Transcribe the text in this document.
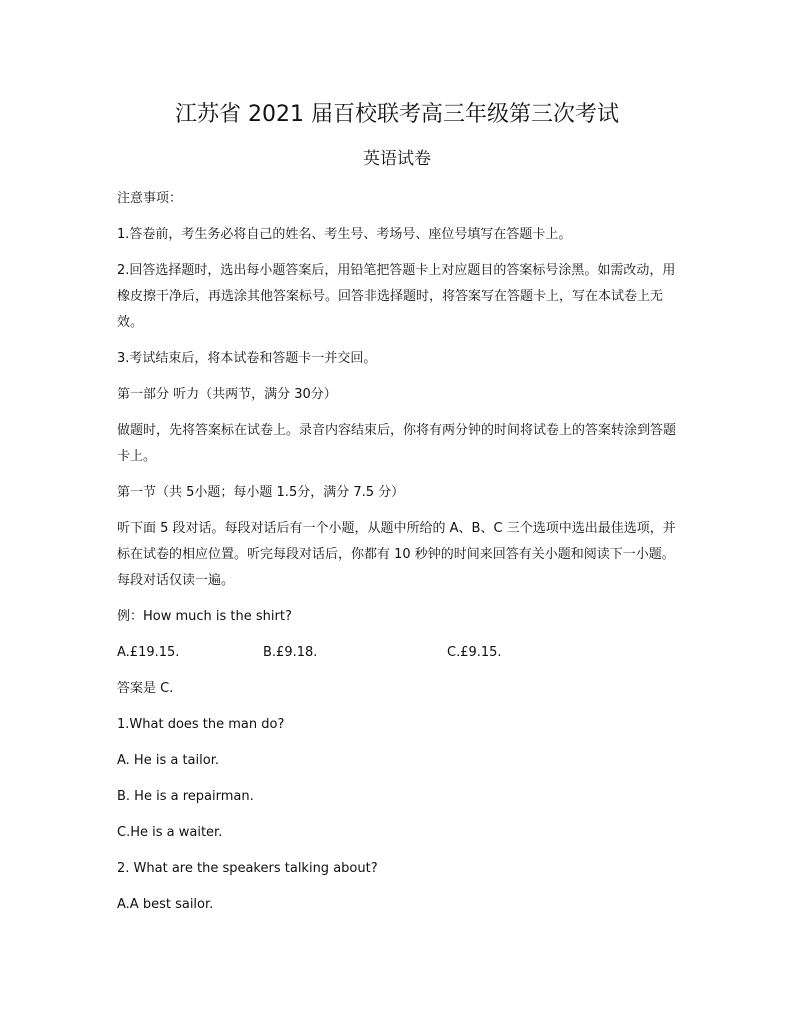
江苏省 2021 届百校联考高三年级第三次考试
英语试卷

注意事项：

1.答卷前，考生务必将自己的姓名、考生号、考场号、座位号填写在答题卡上。

2.回答选择题时，选出每小题答案后，用铅笔把答题卡上对应题目的答案标号涂黑。如需改动，用橡皮擦干净后，再选涂其他答案标号。回答非选择题时，将答案写在答题卡上，写在本试卷上无效。

3.考试结束后，将本试卷和答题卡一并交回。

第一部分 听力（共两节，满分 30分）

做题时，先将答案标在试卷上。录音内容结束后，你将有两分钟的时间将试卷上的答案转涂到答题卡上。

第一节（共 5小题；每小题 1.5分，满分 7.5 分）

听下面 5 段对话。每段对话后有一个小题，从题中所给的 A、B、C 三个选项中选出最佳选项，并标在试卷的相应位置。听完每段对话后，你都有 10 秒钟的时间来回答有关小题和阅读下一小题。每段对话仅读一遍。

例：How much is the shirt?

A.£19.15.	B.£9.18.	C.£9.15.

答案是 C.

1.What does the man do?

A. He is a tailor.

B. He is a repairman.

C.He is a waiter.

2. What are the speakers talking about?

A.A best sailor.
